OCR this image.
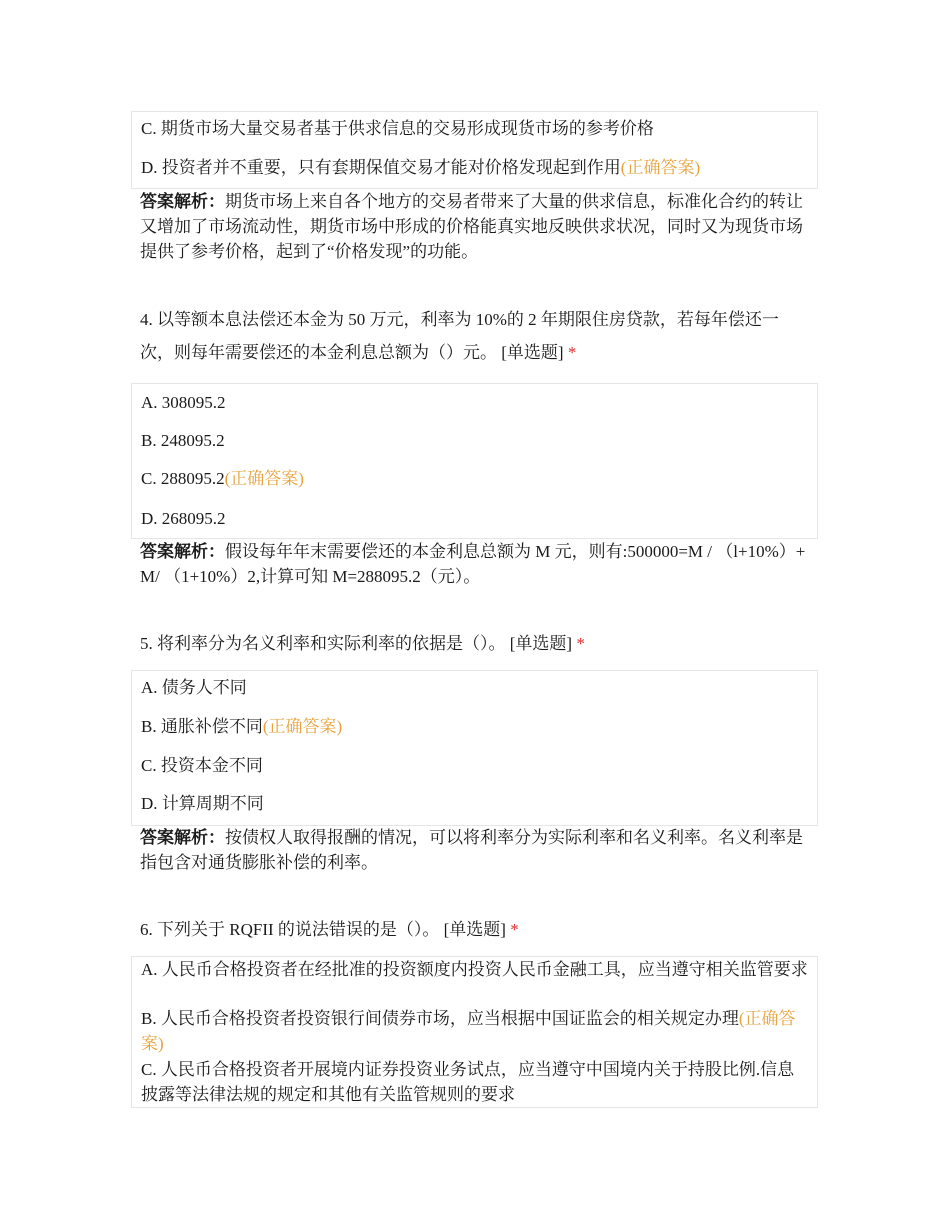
C. 期货市场大量交易者基于供求信息的交易形成现货市场的参考价格
D. 投资者并不重要，只有套期保值交易才能对价格发现起到作用(正确答案)
答案解析：期货市场上来自各个地方的交易者带来了大量的供求信息，标准化合约的转让又增加了市场流动性，期货市场中形成的价格能真实地反映供求状况，同时又为现货市场提供了参考价格，起到了“价格发现”的功能。
4. 以等额本息法偿还本金为 50 万元，利率为 10%的 2 年期限住房贷款，若每年偿还一次，则每年需要偿还的本金利息总额为（）元。 [单选题] *
A. 308095.2
B. 248095.2
C. 288095.2(正确答案)
D. 268095.2
答案解析：假设每年年末需要偿还的本金利息总额为 M 元，则有:500000=M / （l+10%）+ M/ （1+10%）2,计算可知 M=288095.2（元）。
5. 将利率分为名义利率和实际利率的依据是（）。 [单选题] *
A. 债务人不同
B. 通胀补偿不同(正确答案)
C. 投资本金不同
D. 计算周期不同
答案解析：按债权人取得报酬的情况，可以将利率分为实际利率和名义利率。名义利率是指包含对通货膨胀补偿的利率。
6. 下列关于 RQFII 的说法错误的是（）。 [单选题] *
A. 人民币合格投资者在经批准的投资额度内投资人民币金融工具，应当遵守相关监管要求
B. 人民币合格投资者投资银行间债券市场，应当根据中国证监会的相关规定办理(正确答案)
C. 人民币合格投资者开展境内证券投资业务试点，应当遵守中国境内关于持股比例.信息披露等法律法规的规定和其他有关监管规则的要求
